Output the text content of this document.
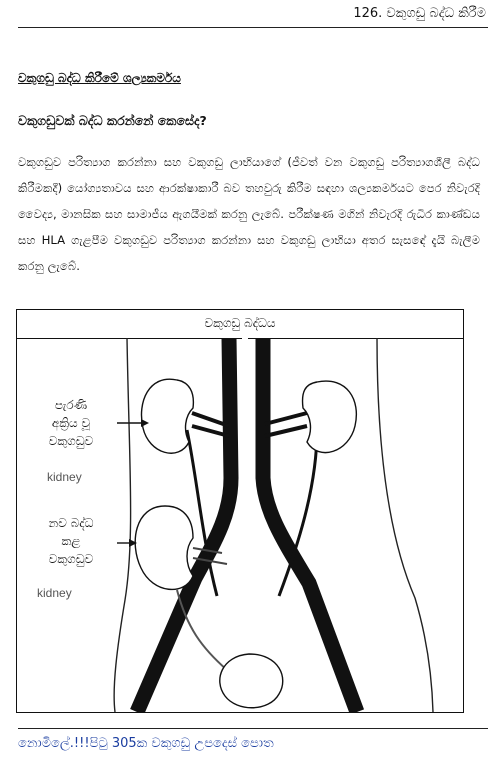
126. වකුගඩු බද්ධ කිරීම
වකුගඩු බද්ධ කිරීමේ ශල්‍යකර්මය
වකුගඩුවක් බද්ධ කරන්නේ කෙසේද?

වකුගඩුව පරිත්‍යාග කරන්නා සහ වකුගඩු ලාභියාගේ (ජීවත් වන වකුගඩු පරිත්‍යාගශීලී බද්ධ කිරීමකදී) යෝග්‍යතාවය සහ ආරක්ෂාකාරී බව තහවුරු කිරීම සඳහා ශල්‍යකර්මයට පෙර නිවැරදි වෛද්‍ය, මානසික සහ සාමාජීය ඇගයීමක් කරනු ලැබේ. පරීක්ෂණ මගින් නිවැරදි රුධිර කාණ්ඩය සහ HLA ගැළපීම වකුගඩුව පරිත්‍යාග කරන්නා සහ වකුගඩු ලාභියා අතර සැසඳේ දැයි බැලීම කරනු ලැබේ.

වකුගඩු බද්ධය
පැරණි
අක්‍රිය වූ
වකුගඩුව
kidney
නව බද්ධ
කළ
වකුගඩුව
kidney
නොමිලේ.!!!පිටු 305ක වකුගඩු උපදෙස් පොත
